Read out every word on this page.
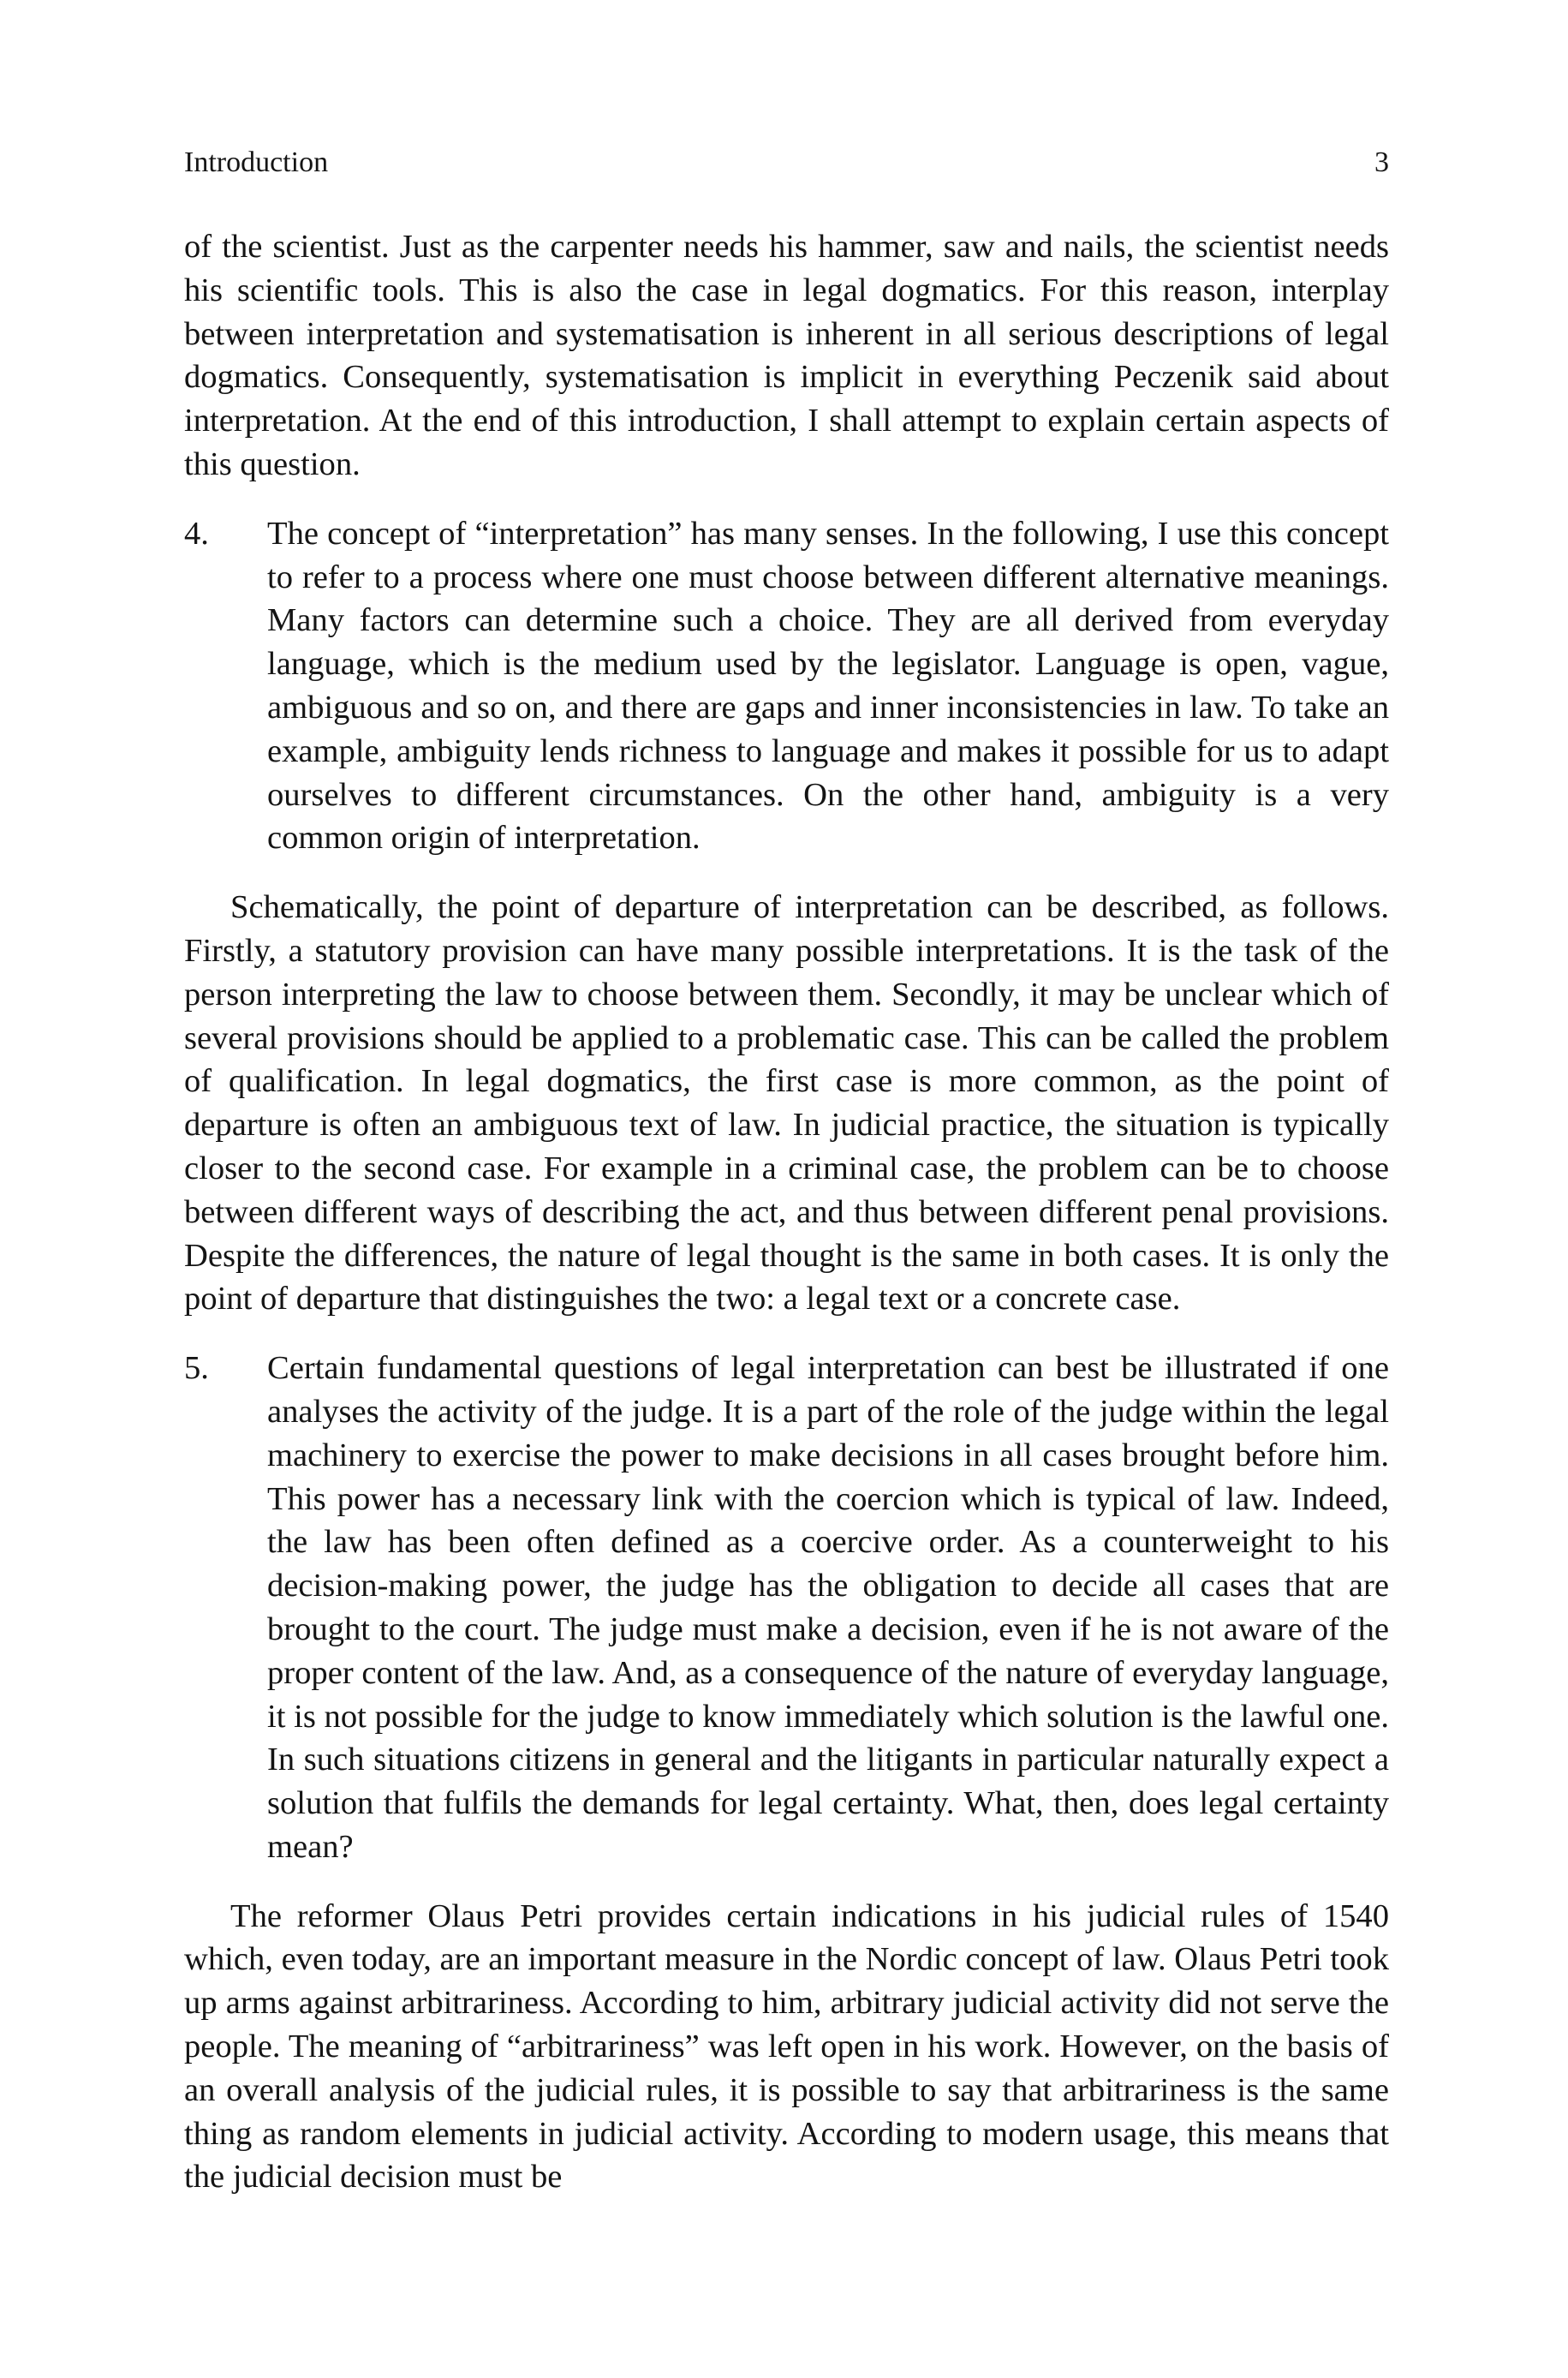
Introduction	3

of the scientist. Just as the carpenter needs his hammer, saw and nails, the scientist needs his scientific tools. This is also the case in legal dogmatics. For this reason, interplay between interpretation and systematisation is inherent in all serious descriptions of legal dogmatics. Consequently, systematisation is implicit in everything Peczenik said about interpretation. At the end of this introduction, I shall attempt to explain certain aspects of this question.

4. The concept of “interpretation” has many senses. In the following, I use this concept to refer to a process where one must choose between different alternative meanings. Many factors can determine such a choice. They are all derived from everyday language, which is the medium used by the legislator. Language is open, vague, ambiguous and so on, and there are gaps and inner inconsistencies in law. To take an example, ambiguity lends richness to language and makes it possible for us to adapt ourselves to different circumstances. On the other hand, ambiguity is a very common origin of interpretation.

Schematically, the point of departure of interpretation can be described, as follows. Firstly, a statutory provision can have many possible interpretations. It is the task of the person interpreting the law to choose between them. Secondly, it may be unclear which of several provisions should be applied to a problematic case. This can be called the problem of qualification. In legal dogmatics, the first case is more common, as the point of departure is often an ambiguous text of law. In judicial practice, the situation is typically closer to the second case. For example in a criminal case, the problem can be to choose between different ways of describing the act, and thus between different penal provisions. Despite the differences, the nature of legal thought is the same in both cases. It is only the point of departure that distinguishes the two: a legal text or a concrete case.

5. Certain fundamental questions of legal interpretation can best be illustrated if one analyses the activity of the judge. It is a part of the role of the judge within the legal machinery to exercise the power to make decisions in all cases brought before him. This power has a necessary link with the coercion which is typical of law. Indeed, the law has been often defined as a coercive order. As a counterweight to his decision-making power, the judge has the obligation to decide all cases that are brought to the court. The judge must make a decision, even if he is not aware of the proper content of the law. And, as a consequence of the nature of everyday language, it is not possible for the judge to know immediately which solution is the lawful one. In such situations citizens in general and the litigants in particular naturally expect a solution that fulfils the demands for legal certainty. What, then, does legal certainty mean?

The reformer Olaus Petri provides certain indications in his judicial rules of 1540 which, even today, are an important measure in the Nordic concept of law. Olaus Petri took up arms against arbitrariness. According to him, arbitrary judicial activity did not serve the people. The meaning of “arbitrariness” was left open in his work. However, on the basis of an overall analysis of the judicial rules, it is possible to say that arbitrariness is the same thing as random elements in judicial activity. According to modern usage, this means that the judicial decision must be
